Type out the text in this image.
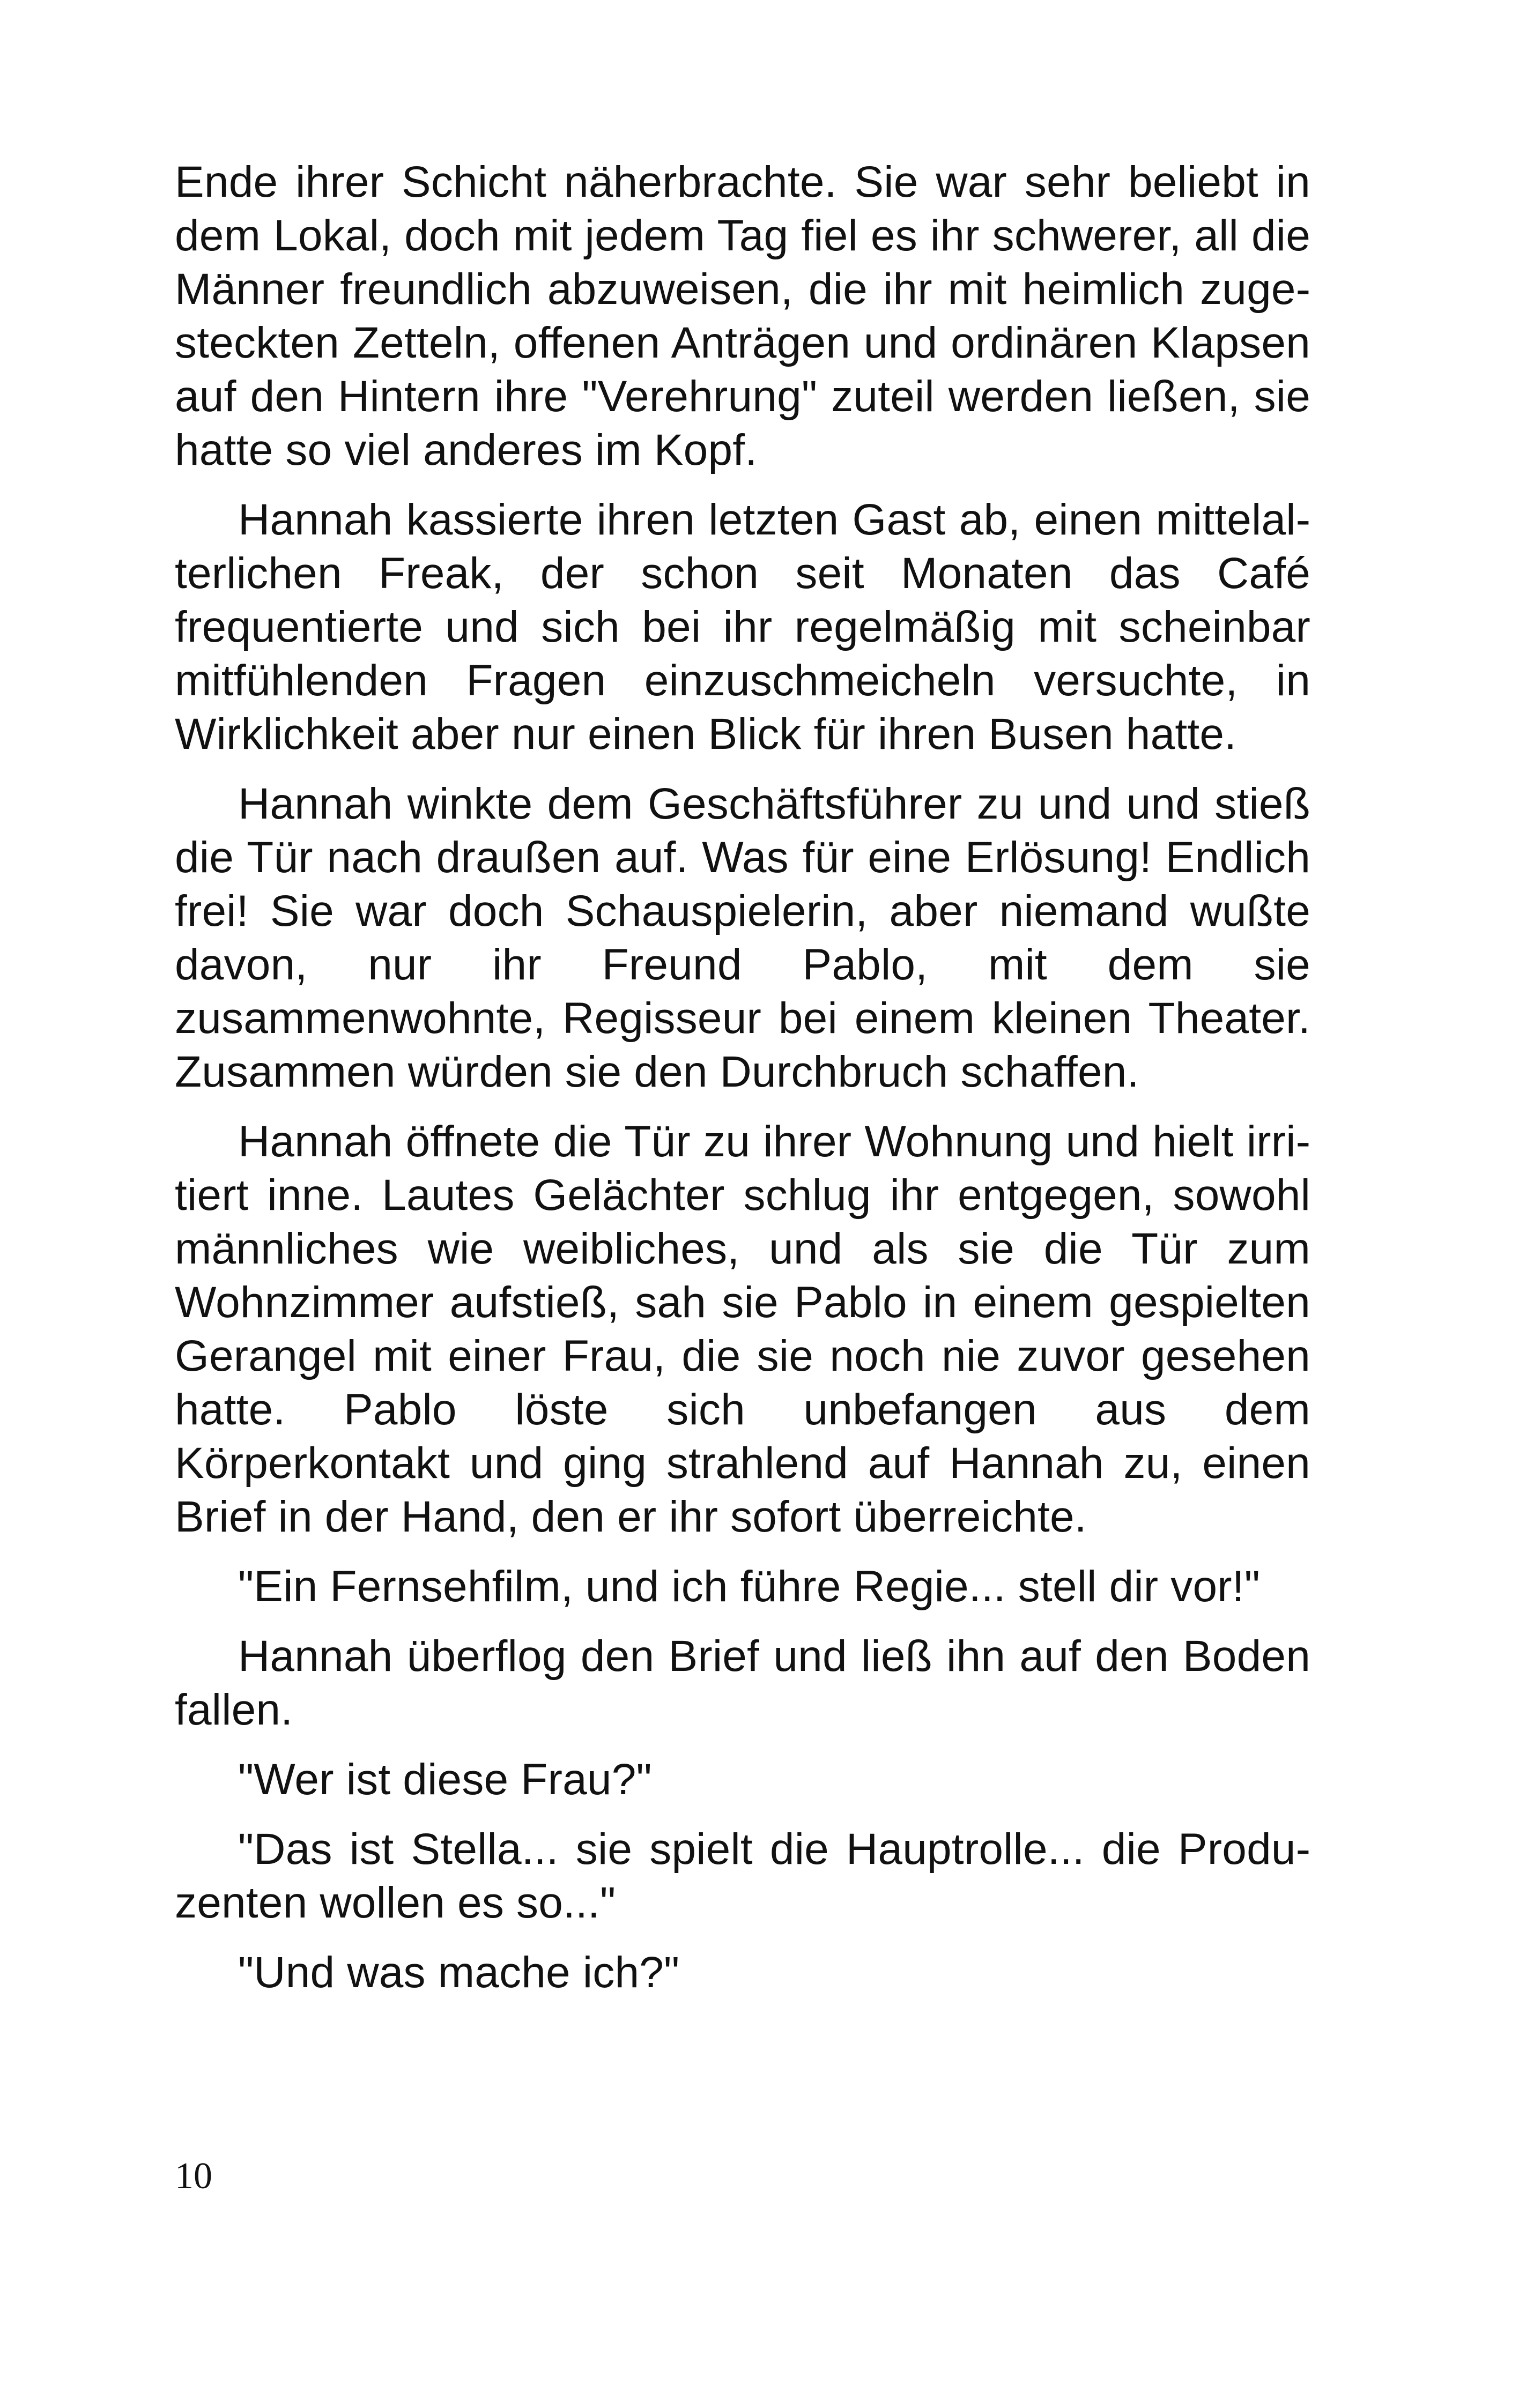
Ende ihrer Schicht näherbrachte. Sie war sehr beliebt in dem Lokal, doch mit jedem Tag fiel es ihr schwerer, all die Männer freundlich abzuweisen, die ihr mit heimlich zugesteckten Zetteln, offenen Anträgen und ordinären Klapsen auf den Hintern ihre "Verehrung" zuteil werden ließen, sie hatte so viel anderes im Kopf.

Hannah kassierte ihren letzten Gast ab, einen mittelalterlichen Freak, der schon seit Monaten das Café frequentierte und sich bei ihr regelmäßig mit scheinbar mitfühlenden Fragen einzuschmeicheln versuchte, in Wirklichkeit aber nur einen Blick für ihren Busen hatte.

Hannah winkte dem Geschäftsführer zu und und stieß die Tür nach draußen auf. Was für eine Erlösung! Endlich frei! Sie war doch Schauspielerin, aber niemand wußte davon, nur ihr Freund Pablo, mit dem sie zusammenwohnte, Regisseur bei einem kleinen Theater. Zusammen würden sie den Durchbruch schaffen.

Hannah öffnete die Tür zu ihrer Wohnung und hielt irritiert inne. Lautes Gelächter schlug ihr entgegen, sowohl männliches wie weibliches, und als sie die Tür zum Wohnzimmer aufstieß, sah sie Pablo in einem gespielten Gerangel mit einer Frau, die sie noch nie zuvor gesehen hatte. Pablo löste sich unbefangen aus dem Körperkontakt und ging strahlend auf Hannah zu, einen Brief in der Hand, den er ihr sofort überreichte.

"Ein Fernsehfilm, und ich führe Regie... stell dir vor!"

Hannah überflog den Brief und ließ ihn auf den Boden fallen.

"Wer ist diese Frau?"

"Das ist Stella... sie spielt die Hauptrolle... die Produzenten wollen es so..."

"Und was mache ich?"

10
